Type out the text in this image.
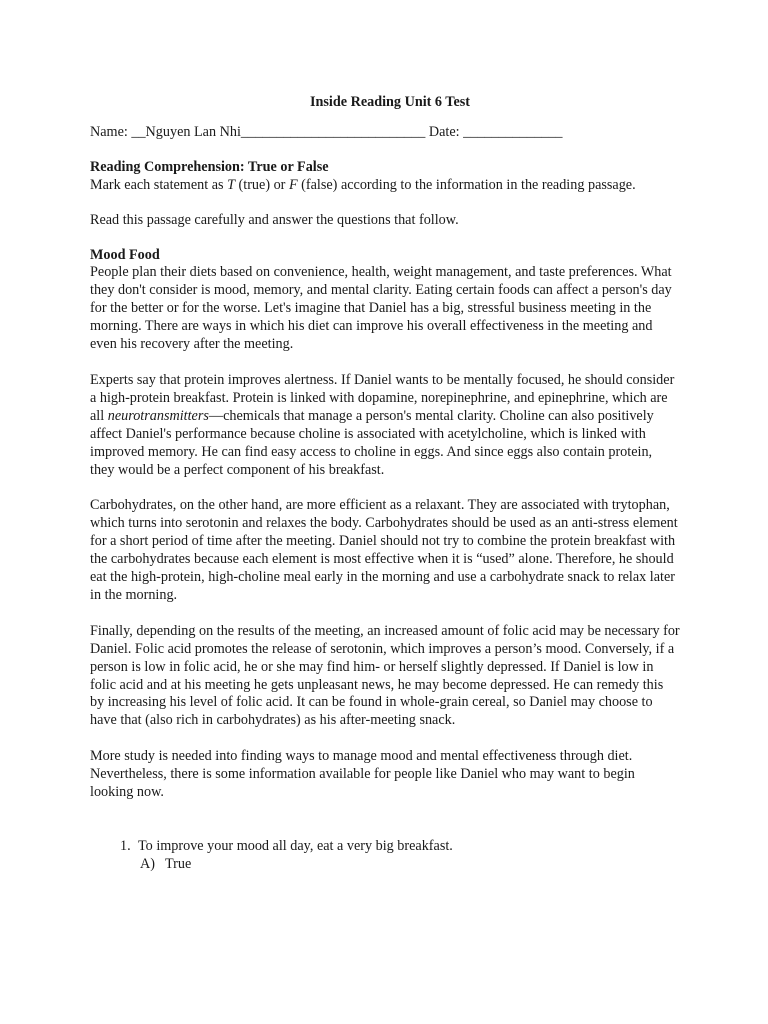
Inside Reading Unit 6 Test
Name: __Nguyen Lan Nhi__________________________ Date: ______________
Reading Comprehension: True or False

Mark each statement as T (true) or F (false) according to the information in the reading passage.

Read this passage carefully and answer the questions that follow.

Mood Food
People plan their diets based on convenience, health, weight management, and taste preferences. What they don't consider is mood, memory, and mental clarity. Eating certain foods can affect a person's day for the better or for the worse. Let's imagine that Daniel has a big, stressful business meeting in the morning. There are ways in which his diet can improve his overall effectiveness in the meeting and even his recovery after the meeting.
Experts say that protein improves alertness. If Daniel wants to be mentally focused, he should consider a high-protein breakfast. Protein is linked with dopamine, norepinephrine, and epinephrine, which are all neurotransmitters—chemicals that manage a person's mental clarity. Choline can also positively affect Daniel's performance because choline is associated with acetylcholine, which is linked with improved memory. He can find easy access to choline in eggs. And since eggs also contain protein, they would be a perfect component of his breakfast.
Carbohydrates, on the other hand, are more efficient as a relaxant. They are associated with trytophan, which turns into serotonin and relaxes the body. Carbohydrates should be used as an anti-stress element for a short period of time after the meeting. Daniel should not try to combine the protein breakfast with the carbohydrates because each element is most effective when it is “used” alone. Therefore, he should eat the high-protein, high-choline meal early in the morning and use a carbohydrate snack to relax later in the morning.
Finally, depending on the results of the meeting, an increased amount of folic acid may be necessary for Daniel. Folic acid promotes the release of serotonin, which improves a person’s mood. Conversely, if a person is low in folic acid, he or she may find him- or herself slightly depressed. If Daniel is low in folic acid and at his meeting he gets unpleasant news, he may become depressed. He can remedy this by increasing his level of folic acid. It can be found in whole-grain cereal, so Daniel may choose to have that (also rich in carbohydrates) as his after-meeting snack.
More study is needed into finding ways to manage mood and mental effectiveness through diet. Nevertheless, there is some information available for people like Daniel who may want to begin looking now.
1. To improve your mood all day, eat a very big breakfast.
A) True
